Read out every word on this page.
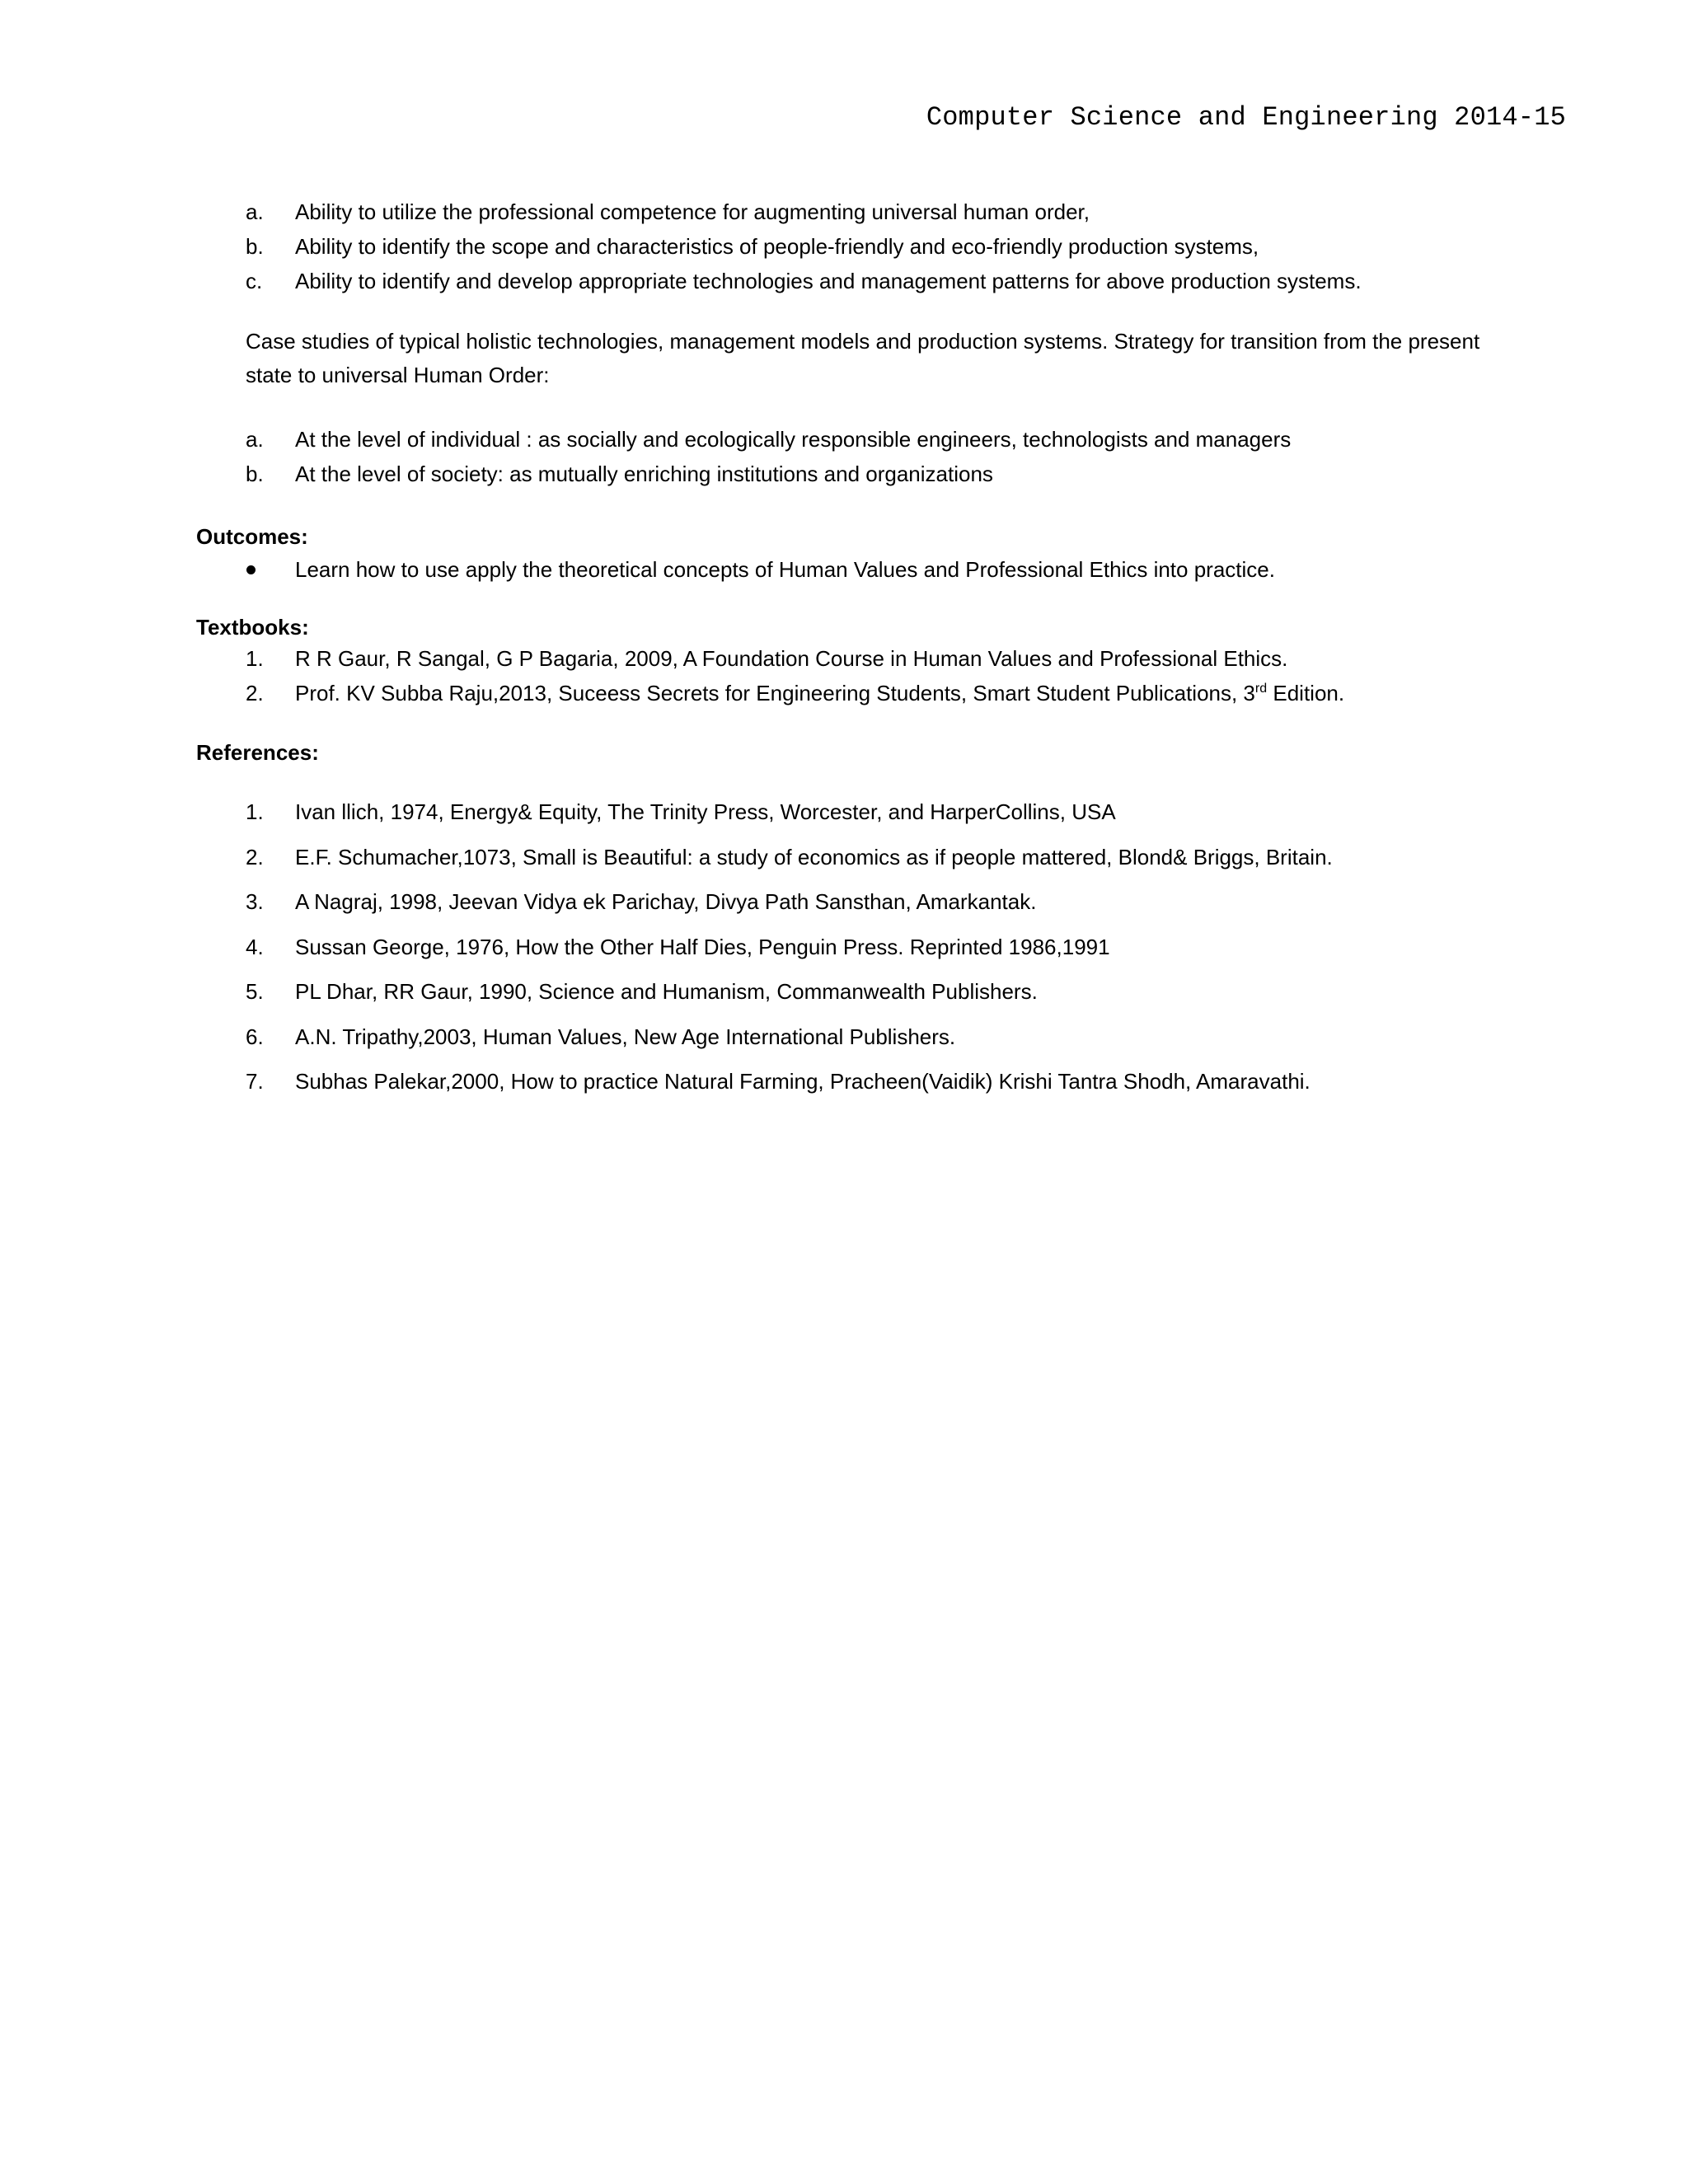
Computer Science and Engineering 2014-15
a. Ability to utilize the professional competence for augmenting universal human order,
b. Ability to identify the scope and characteristics of people-friendly and eco-friendly production systems,
c. Ability to identify and develop appropriate technologies and management patterns for above production systems.
Case studies of typical holistic technologies, management models and production systems. Strategy for transition from the present state to universal Human Order:
a. At the level of individual : as socially and ecologically responsible engineers, technologists and managers
b. At the level of society: as mutually enriching institutions and organizations
Outcomes:
Learn how to use apply the theoretical concepts of Human Values and Professional Ethics into practice.
Textbooks:
1. R R Gaur, R Sangal, G P Bagaria, 2009, A Foundation Course in Human Values and Professional Ethics.
2. Prof. KV Subba Raju,2013, Suceess Secrets for Engineering Students, Smart Student Publications, 3rd Edition.
References:
1. Ivan llich, 1974, Energy& Equity, The Trinity Press, Worcester, and HarperCollins, USA
2. E.F. Schumacher,1073, Small is Beautiful: a study of economics as if people mattered, Blond& Briggs, Britain.
3. A Nagraj, 1998, Jeevan Vidya ek Parichay, Divya Path Sansthan, Amarkantak.
4. Sussan George, 1976, How the Other Half Dies, Penguin Press. Reprinted 1986,1991
5. PL Dhar, RR Gaur, 1990, Science and Humanism, Commanwealth Publishers.
6. A.N. Tripathy,2003, Human Values, New Age International Publishers.
7. Subhas Palekar,2000, How to practice Natural Farming, Pracheen(Vaidik) Krishi Tantra Shodh, Amaravathi.
